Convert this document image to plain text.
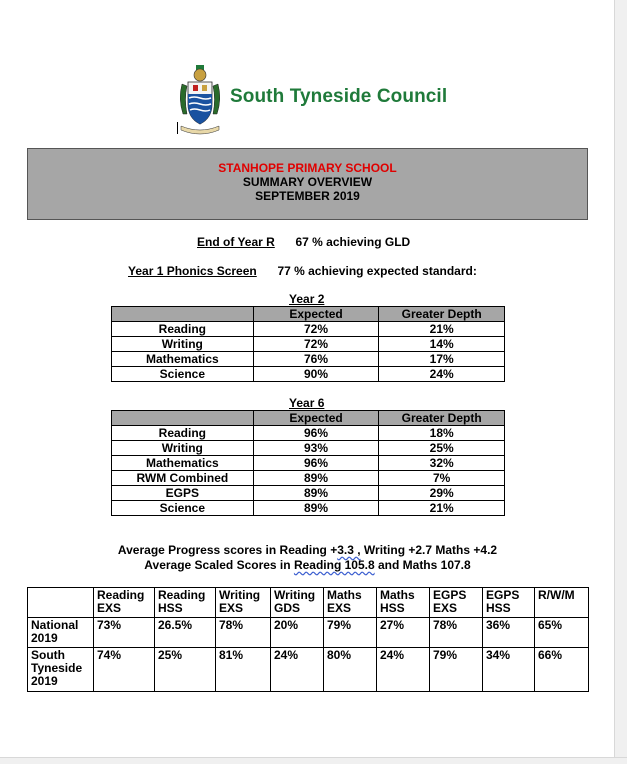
South Tyneside Council
STANHOPE PRIMARY SCHOOL
SUMMARY OVERVIEW
SEPTEMBER 2019
End of Year R 67 % achieving GLD
Year 1 Phonics Screen 77 % achieving expected standard:
Year 2
	Expected	Greater Depth
Reading	72%	21%
Writing	72%	14%
Mathematics	76%	17%
Science	90%	24%
Year 6
	Expected	Greater Depth
Reading	96%	18%
Writing	93%	25%
Mathematics	96%	32%
RWM Combined	89%	7%
EGPS	89%	29%
Science	89%	21%
Average Progress scores in Reading +3.3 , Writing +2.7 Maths +4.2
Average Scaled Scores in Reading 105.8 and Maths 107.8
	Reading EXS	Reading HSS	Writing EXS	Writing GDS	Maths EXS	Maths HSS	EGPS EXS	EGPS HSS	R/W/M
National 2019	73%	26.5%	78%	20%	79%	27%	78%	36%	65%
South Tyneside 2019	74%	25%	81%	24%	80%	24%	79%	34%	66%
